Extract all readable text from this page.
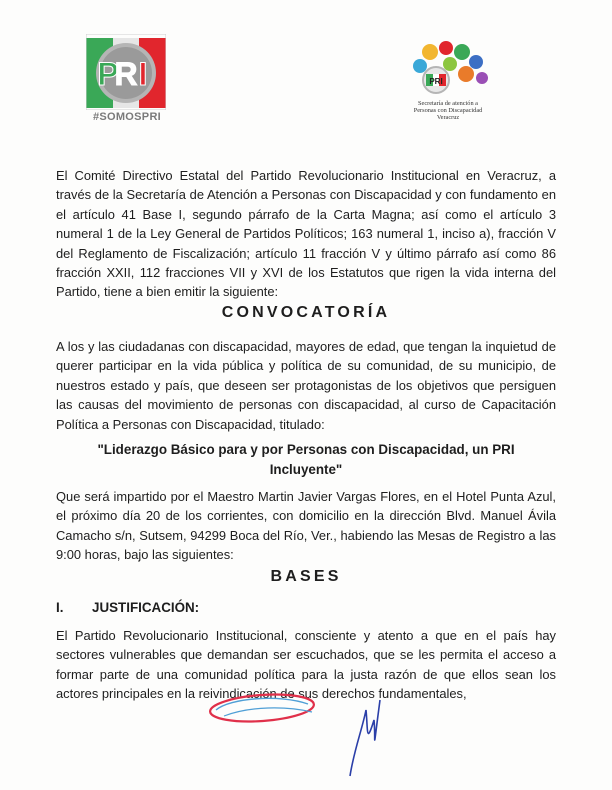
P
R I
#SOMOSPRI
PRI
Secretaría de atención a
Personas con Discapacidad
Veracruz
El Comité Directivo Estatal del Partido Revolucionario Institucional en Veracruz, a través de la Secretaría de Atención a Personas con Discapacidad y con fundamento en el artículo 41 Base I, segundo párrafo de la Carta Magna; así como el artículo 3 numeral 1 de la Ley General de Partidos Políticos; 163 numeral 1, inciso a), fracción V del Reglamento de Fiscalización; artículo 11 fracción V y último párrafo así como 86 fracción XXII, 112 fracciones VII y XVI de los Estatutos que rigen la vida interna del Partido, tiene a bien emitir la siguiente:
CONVOCATORÍA
A los y las ciudadanas con discapacidad, mayores de edad, que tengan la inquietud de querer participar en la vida pública y política de su comunidad, de su municipio, de nuestros estado y país, que deseen ser protagonistas de los objetivos que persiguen las causas del movimiento de personas con discapacidad, al curso de Capacitación Política a Personas con Discapacidad, titulado:
"Liderazgo Básico para y por Personas con Discapacidad, un PRI Incluyente"
Que será impartido por el Maestro Martin Javier Vargas Flores, en el Hotel Punta Azul, el próximo día 20 de los corrientes, con domicilio en la dirección Blvd. Manuel Ávila Camacho s/n, Sutsem, 94299 Boca del Río, Ver., habiendo las Mesas de Registro a las 9:00 horas, bajo las siguientes:
BASES
I. JUSTIFICACIÓN:
El Partido Revolucionario Institucional, consciente y atento a que en el país hay sectores vulnerables que demandan ser escuchados, que se les permita el acceso a formar parte de una comunidad política para la justa razón de que ellos sean los actores principales en la reivindicación de sus derechos fundamentales,
